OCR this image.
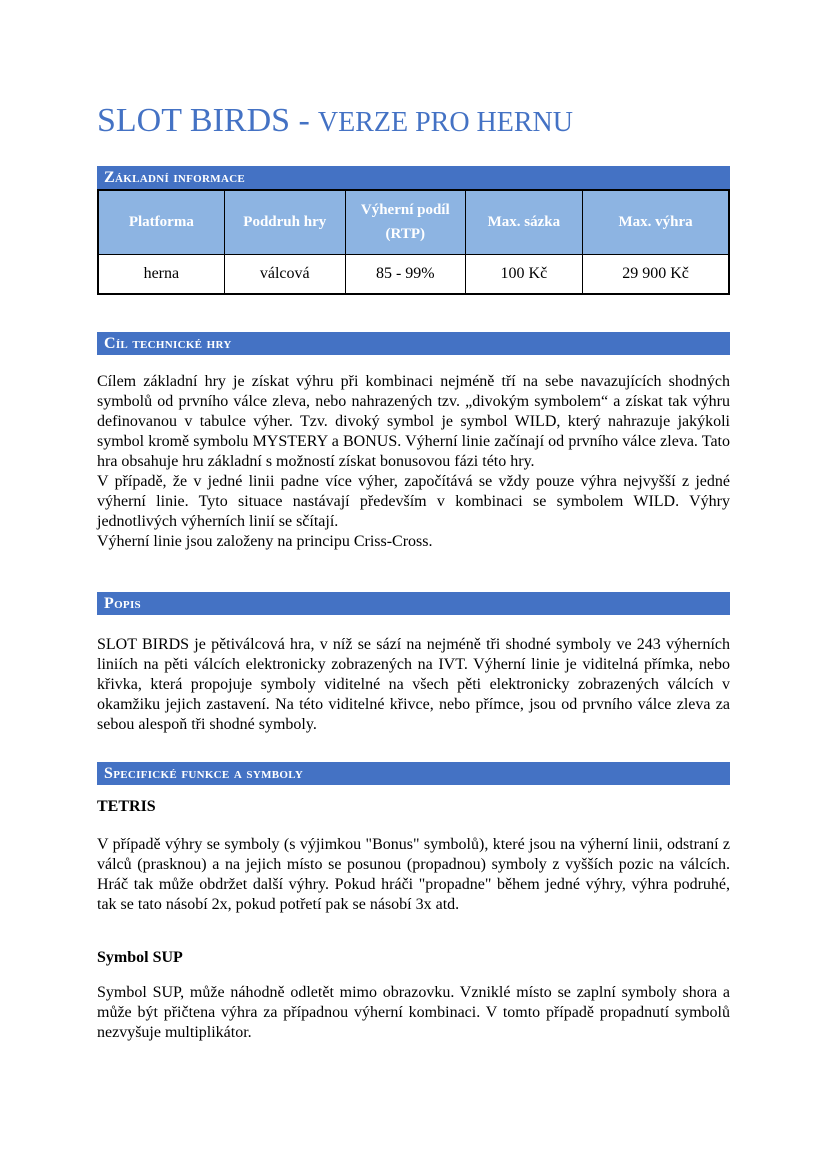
SLOT BIRDS - VERZE PRO HERNU
Základní informace
Platforma	Poddruh hry	Výherní podíl (RTP)	Max. sázka	Max. výhra
herna	válcová	85 - 99%	100 Kč	29 900 Kč
Cíl technické hry

Cílem základní hry je získat výhru při kombinaci nejméně tří na sebe navazujících shodných symbolů od prvního válce zleva, nebo nahrazených tzv. „divokým symbolem“ a získat tak výhru definovanou v tabulce výher. Tzv. divoký symbol je symbol WILD, který nahrazuje jakýkoli symbol kromě symbolu MYSTERY a BONUS. Výherní linie začínají od prvního válce zleva. Tato hra obsahuje hru základní s možností získat bonusovou fázi této hry.

V případě, že v jedné linii padne více výher, započítává se vždy pouze výhra nejvyšší z jedné výherní linie. Tyto situace nastávají především v kombinaci se symbolem WILD. Výhry jednotlivých výherních linií se sčítají.

Výherní linie jsou založeny na principu Criss-Cross.

Popis

SLOT BIRDS je pětiválcová hra, v níž se sází na nejméně tři shodné symboly ve 243 výherních liniích na pěti válcích elektronicky zobrazených na IVT. Výherní linie je viditelná přímka, nebo křivka, která propojuje symboly viditelné na všech pěti elektronicky zobrazených válcích v okamžiku jejich zastavení. Na této viditelné křivce, nebo přímce, jsou od prvního válce zleva za sebou alespoň tři shodné symboly.

Specifické funkce a symboly
TETRIS

V případě výhry se symboly (s výjimkou "Bonus" symbolů), které jsou na výherní linii, odstraní z válců (prasknou) a na jejich místo se posunou (propadnou) symboly z vyšších pozic na válcích. Hráč tak může obdržet další výhry. Pokud hráči "propadne" během jedné výhry, výhra podruhé, tak se tato násobí 2x, pokud potřetí pak se násobí 3x atd.

Symbol SUP

Symbol SUP, může náhodně odletět mimo obrazovku. Vzniklé místo se zaplní symboly shora a může být přičtena výhra za případnou výherní kombinaci. V tomto případě propadnutí symbolů nezvyšuje multiplikátor.
